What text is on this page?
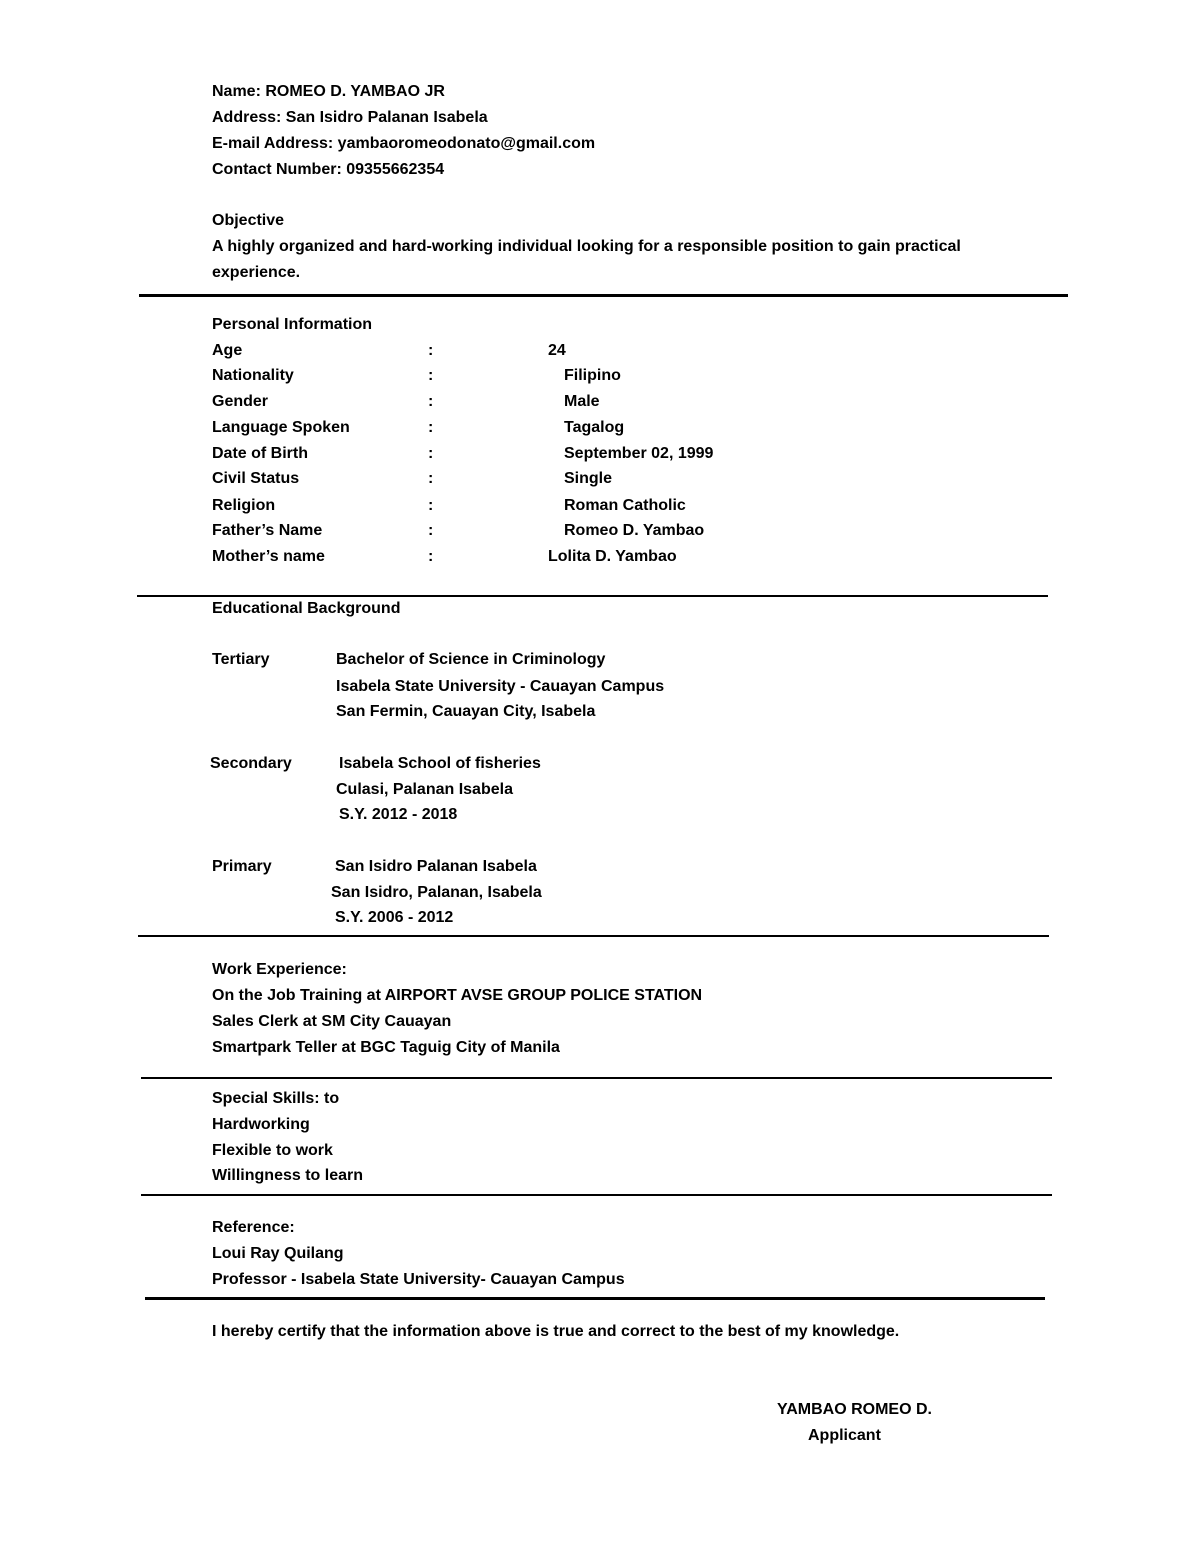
Name: ROMEO D. YAMBAO JR

Address: San Isidro Palanan Isabela

E-mail Address: yambaoromeodonato@gmail.com

Contact Number: 09355662354

Objective

A highly organized and hard-working individual looking for a responsible position to gain practical

experience.

Personal Information

Age	:	24

Nationality	:	Filipino

Gender	:	Male

Language Spoken	:	Tagalog

Date of Birth	:	September 02, 1999

Civil Status	:	Single

Religion	:	Roman Catholic

Father’s Name	:	Romeo D. Yambao

Mother’s name	:	Lolita D. Yambao

Educational Background

Tertiary	Bachelor of Science in Criminology

Isabela State University - Cauayan Campus

San Fermin, Cauayan City, Isabela

Secondary	Isabela School of fisheries

Culasi, Palanan Isabela

S.Y. 2012 - 2018

Primary	San Isidro Palanan Isabela

San Isidro, Palanan, Isabela

S.Y. 2006 - 2012

Work Experience:

On the Job Training at AIRPORT AVSE GROUP POLICE STATION

Sales Clerk at SM City Cauayan

Smartpark Teller at BGC Taguig City of Manila

Special Skills: to

Hardworking

Flexible to work

Willingness to learn

Reference:

Loui Ray Quilang

Professor - Isabela State University- Cauayan Campus

I hereby certify that the information above is true and correct to the best of my knowledge.

YAMBAO ROMEO D.

Applicant
